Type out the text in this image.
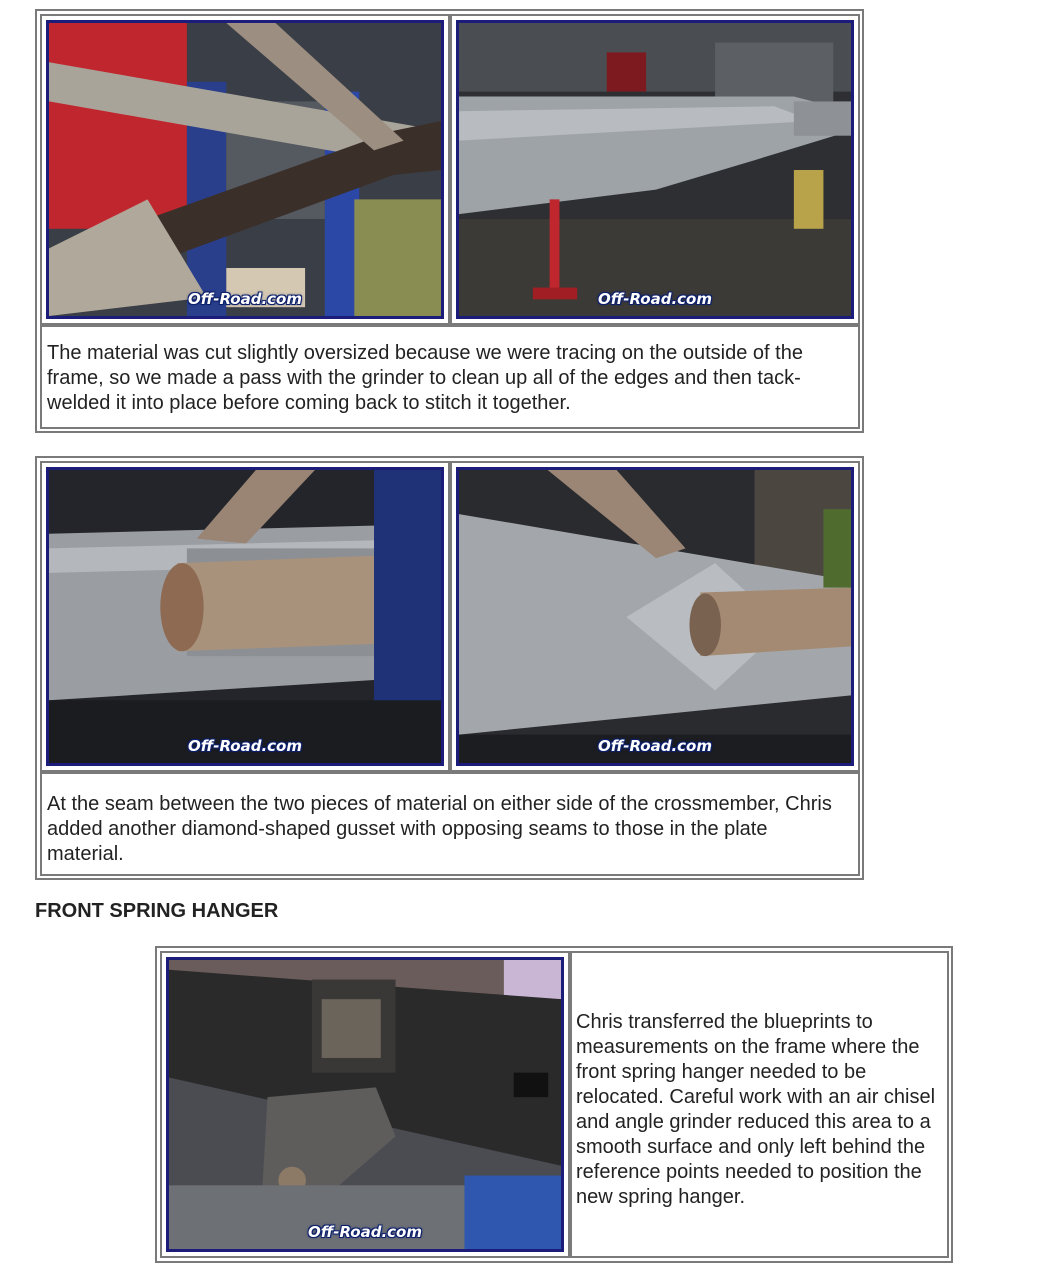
Off-Road.com	Off-Road.com
The material was cut slightly oversized because we were tracing on the outside of the frame, so we made a pass with the grinder to clean up all of the edges and then tack-welded it into place before coming back to stitch it together.
Off-Road.com	Off-Road.com
At the seam between the two pieces of material on either side of the crossmember, Chris added another diamond-shaped gusset with opposing seams to those in the plate material.
FRONT SPRING HANGER
Off-Road.com
Chris transferred the blueprints to measurements on the frame where the front spring hanger needed to be relocated. Careful work with an air chisel and angle grinder reduced this area to a smooth surface and only left behind the reference points needed to position the new spring hanger.
